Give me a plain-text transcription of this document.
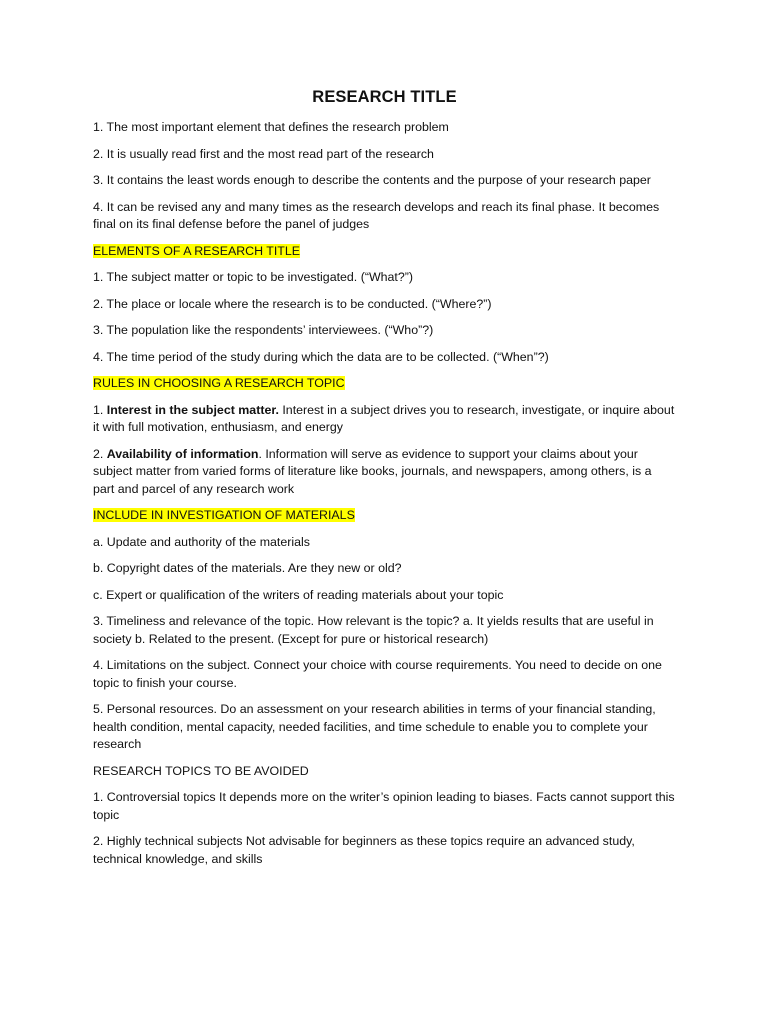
RESEARCH TITLE

1. The most important element that defines the research problem

2. It is usually read first and the most read part of the research

3. It contains the least words enough to describe the contents and the purpose of your research paper

4. It can be revised any and many times as the research develops and reach its final phase. It becomes final on its final defense before the panel of judges

ELEMENTS OF A RESEARCH TITLE

1. The subject matter or topic to be investigated. (“What?”)

2. The place or locale where the research is to be conducted. (“Where?”)

3. The population like the respondents’ interviewees. (“Who”?)

4. The time period of the study during which the data are to be collected. (“When”?)

RULES IN CHOOSING A RESEARCH TOPIC

1. Interest in the subject matter. Interest in a subject drives you to research, investigate, or inquire about it with full motivation, enthusiasm, and energy

2. Availability of information. Information will serve as evidence to support your claims about your subject matter from varied forms of literature like books, journals, and newspapers, among others, is a part and parcel of any research work

INCLUDE IN INVESTIGATION OF MATERIALS

a. Update and authority of the materials

b. Copyright dates of the materials. Are they new or old?

c. Expert or qualification of the writers of reading materials about your topic

3. Timeliness and relevance of the topic. How relevant is the topic? a. It yields results that are useful in society b. Related to the present. (Except for pure or historical research)

4. Limitations on the subject. Connect your choice with course requirements. You need to decide on one topic to finish your course.

5. Personal resources. Do an assessment on your research abilities in terms of your financial standing, health condition, mental capacity, needed facilities, and time schedule to enable you to complete your research

RESEARCH TOPICS TO BE AVOIDED

1. Controversial topics It depends more on the writer’s opinion leading to biases. Facts cannot support this topic

2. Highly technical subjects Not advisable for beginners as these topics require an advanced study, technical knowledge, and skills
